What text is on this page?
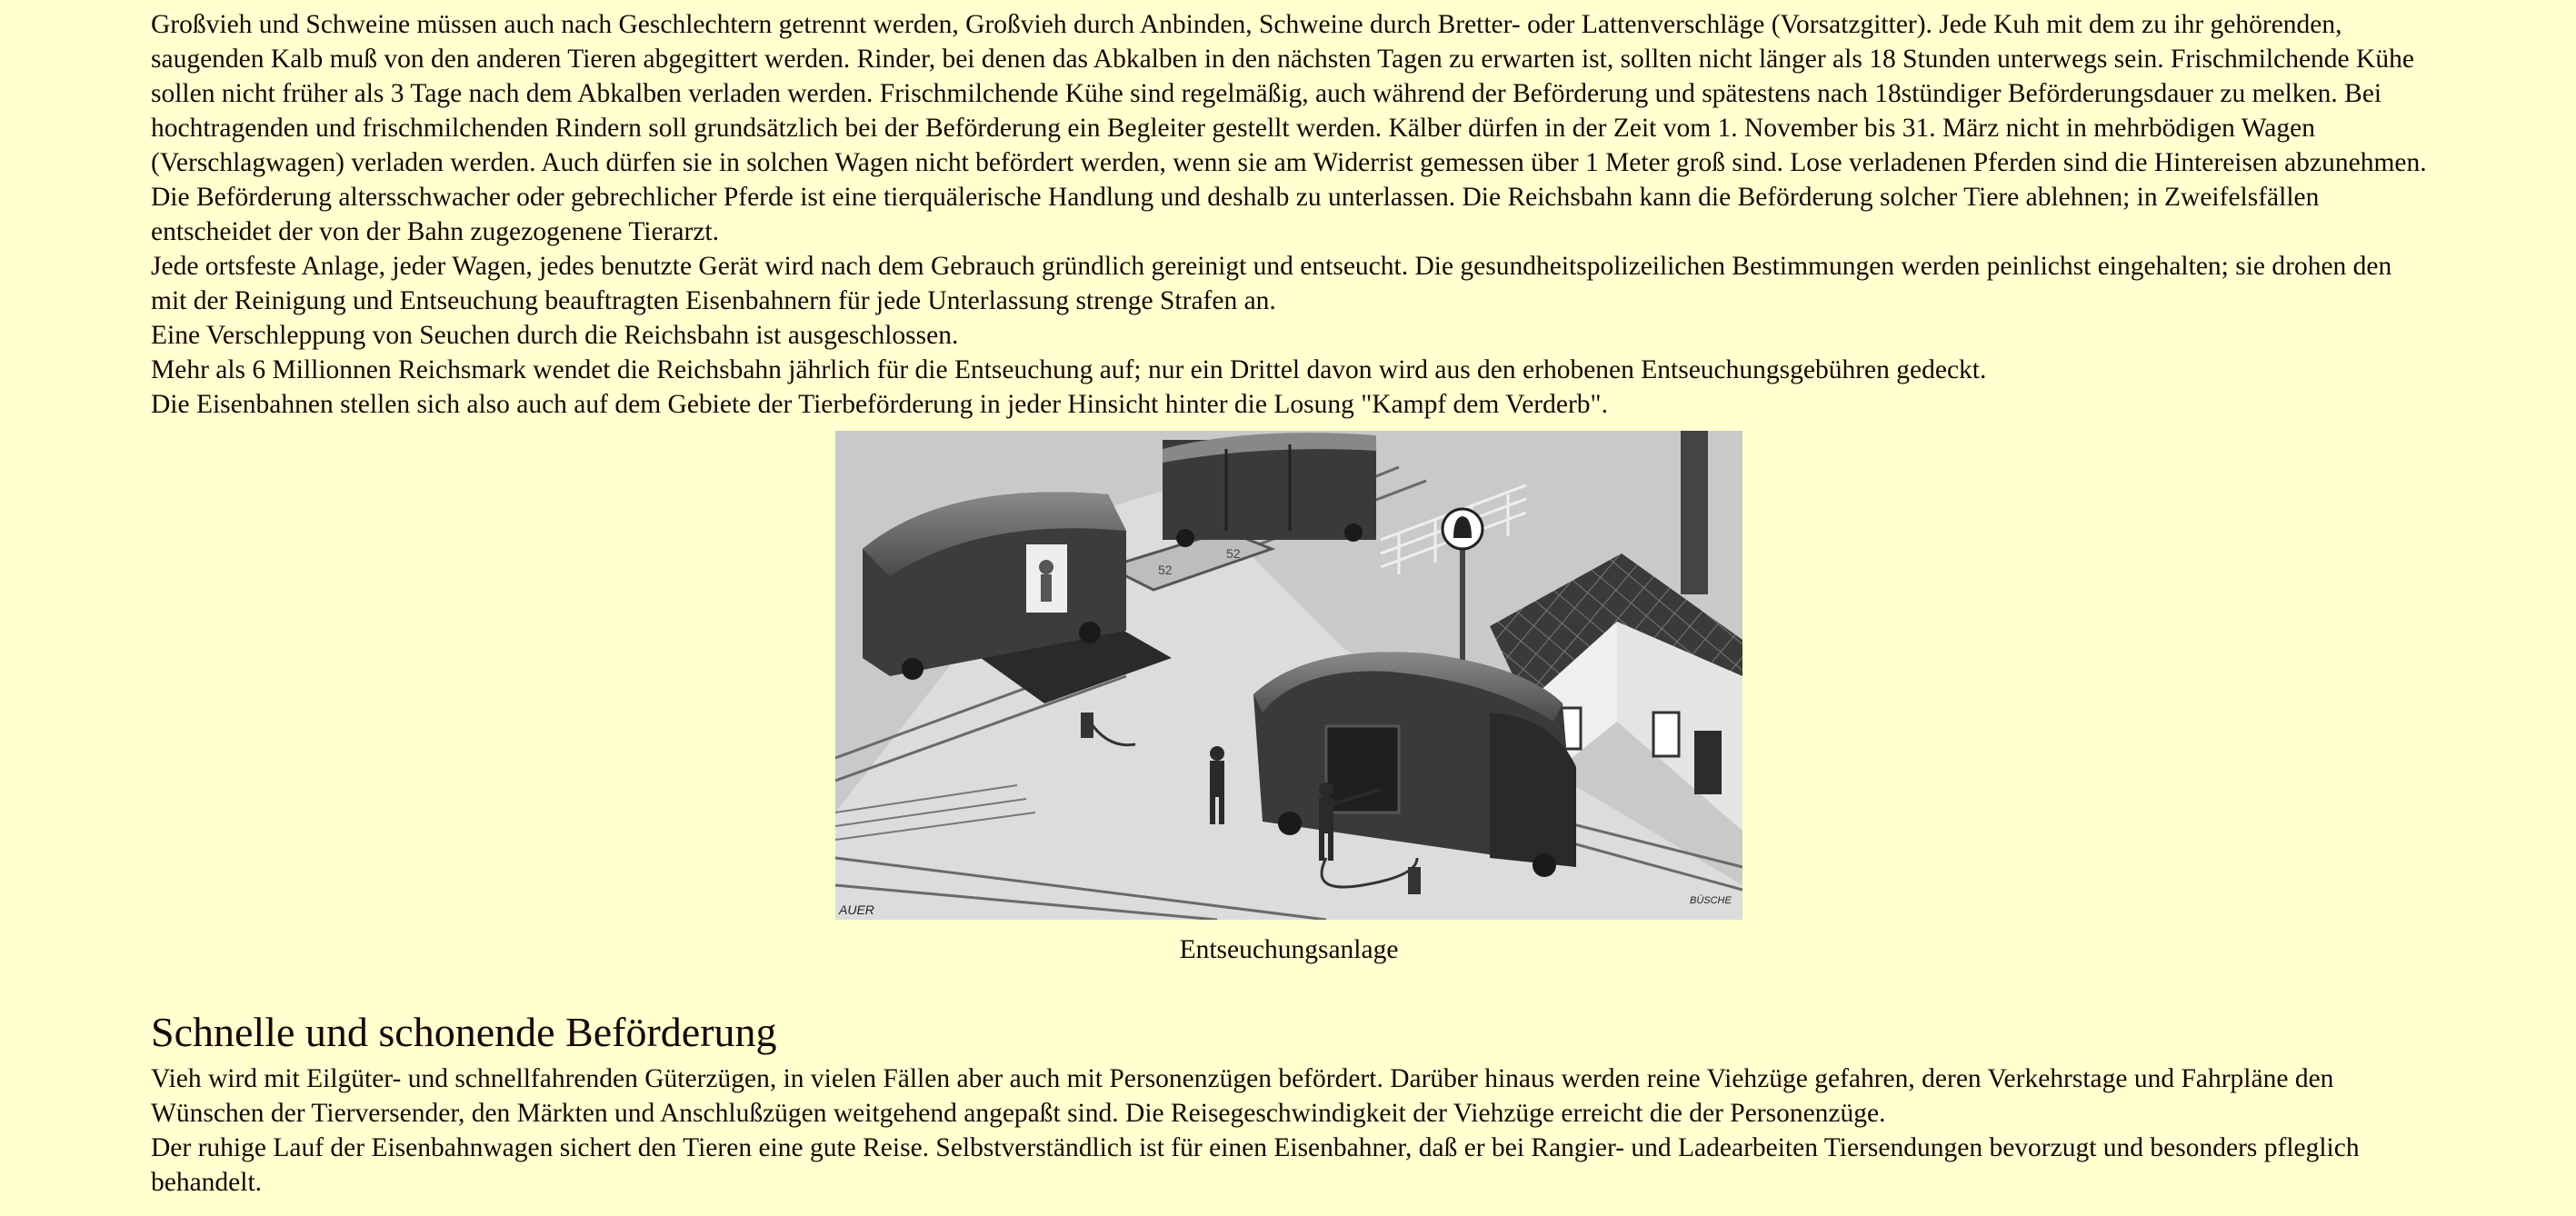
Großvieh und Schweine müssen auch nach Geschlechtern getrennt werden, Großvieh durch Anbinden, Schweine durch Bretter- oder Lattenverschläge (Vorsatzgitter). Jede Kuh mit dem zu ihr gehörenden, saugenden Kalb muß von den anderen Tieren abgegittert werden. Rinder, bei denen das Abkalben in den nächsten Tagen zu erwarten ist, sollten nicht länger als 18 Stunden unterwegs sein. Frischmilchende Kühe sollen nicht früher als 3 Tage nach dem Abkalben verladen werden. Frischmilchende Kühe sind regelmäßig, auch während der Beförderung und spätestens nach 18stündiger Beförderungsdauer zu melken. Bei hochtragenden und frischmilchenden Rindern soll grundsätzlich bei der Beförderung ein Begleiter gestellt werden. Kälber dürfen in der Zeit vom 1. November bis 31. März nicht in mehrbödigen Wagen (Verschlagwagen) verladen werden. Auch dürfen sie in solchen Wagen nicht befördert werden, wenn sie am Widerrist gemessen über 1 Meter groß sind. Lose verladenen Pferden sind die Hintereisen abzunehmen. Die Beförderung altersschwacher oder gebrechlicher Pferde ist eine tierquälerische Handlung und deshalb zu unterlassen. Die Reichsbahn kann die Beförderung solcher Tiere ablehnen; in Zweifelsfällen entscheidet der von der Bahn zugezogenene Tierarzt.

Jede ortsfeste Anlage, jeder Wagen, jedes benutzte Gerät wird nach dem Gebrauch gründlich gereinigt und entseucht. Die gesundheitspolizeilichen Bestimmungen werden peinlichst eingehalten; sie drohen den mit der Reinigung und Entseuchung beauftragten Eisenbahnern für jede Unterlassung strenge Strafen an.

Eine Verschleppung von Seuchen durch die Reichsbahn ist ausgeschlossen.

Mehr als 6 Millionnen Reichsmark wendet die Reichsbahn jährlich für die Entseuchung auf; nur ein Drittel davon wird aus den erhobenen Entseuchungsgebühren gedeckt.

Die Eisenbahnen stellen sich also auch auf dem Gebiete der Tierbeförderung in jeder Hinsicht hinter die Losung "Kampf dem Verderb".

52
52
AUER
BÜSCHE
Entseuchungsanlage
Schnelle und schonende Beförderung

Vieh wird mit Eilgüter- und schnellfahrenden Güterzügen, in vielen Fällen aber auch mit Personenzügen befördert. Darüber hinaus werden reine Viehzüge gefahren, deren Verkehrstage und Fahrpläne den Wünschen der Tierversender, den Märkten und Anschlußzügen weitgehend angepaßt sind. Die Reisegeschwindigkeit der Viehzüge erreicht die der Personenzüge.

Der ruhige Lauf der Eisenbahnwagen sichert den Tieren eine gute Reise. Selbstverständlich ist für einen Eisenbahner, daß er bei Rangier- und Ladearbeiten Tiersendungen bevorzugt und besonders pfleglich behandelt.
